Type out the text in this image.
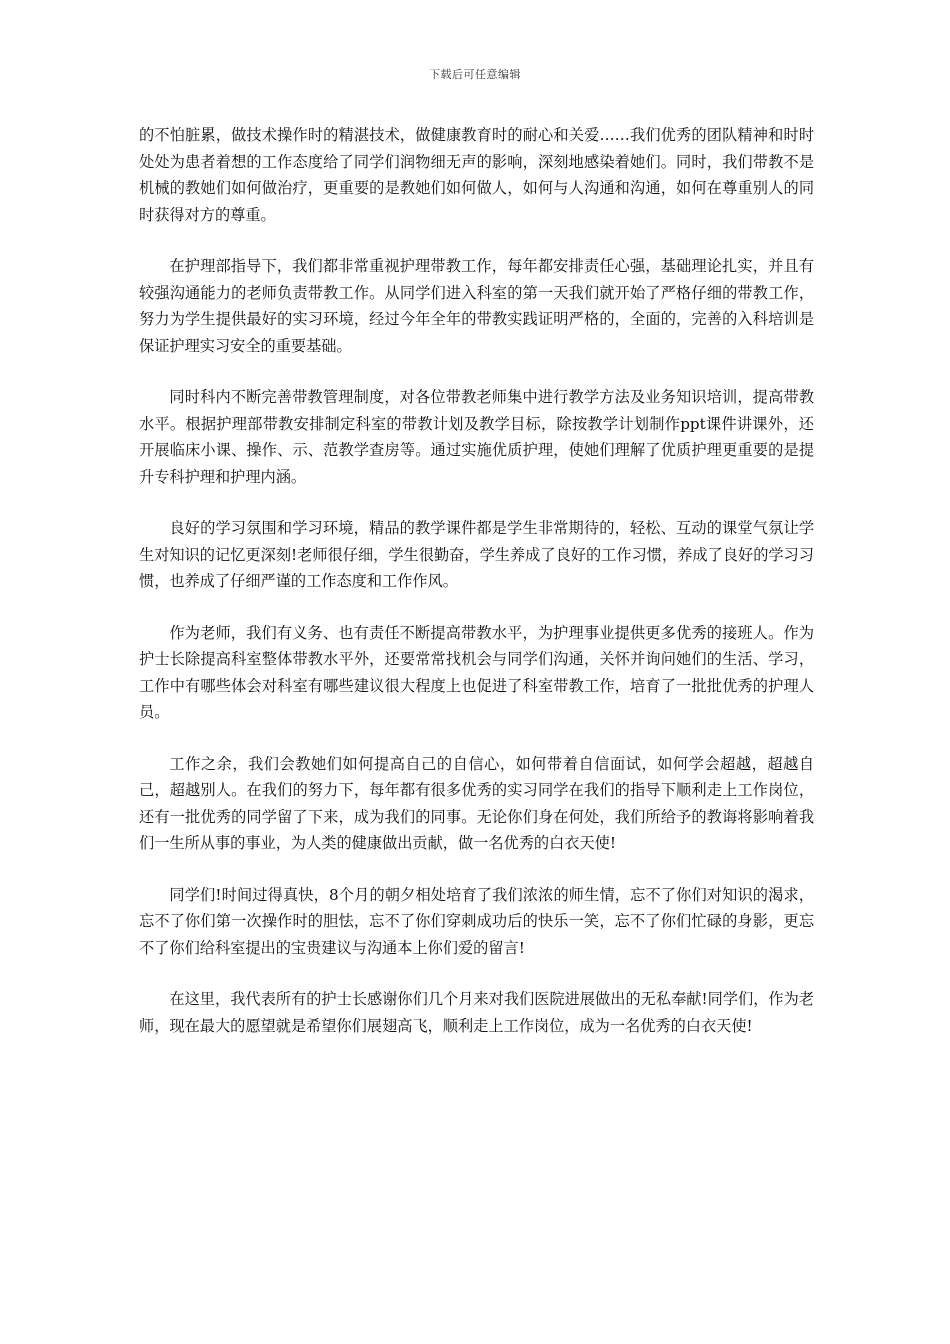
下载后可任意编辑

的不怕脏累，做技术操作时的精湛技术，做健康教育时的耐心和关爱……我们优秀的团队精神和时时处处为患者着想的工作态度给了同学们润物细无声的影响，深刻地感染着她们。同时，我们带教不是机械的教她们如何做治疗，更重要的是教她们如何做人，如何与人沟通和沟通，如何在尊重别人的同时获得对方的尊重。

在护理部指导下，我们都非常重视护理带教工作，每年都安排责任心强，基础理论扎实，并且有较强沟通能力的老师负责带教工作。从同学们进入科室的第一天我们就开始了严格仔细的带教工作，努力为学生提供最好的实习环境，经过今年全年的带教实践证明严格的，全面的，完善的入科培训是保证护理实习安全的重要基础。

同时科内不断完善带教管理制度，对各位带教老师集中进行教学方法及业务知识培训，提高带教水平。根据护理部带教安排制定科室的带教计划及教学目标，除按教学计划制作ppt课件讲课外，还开展临床小课、操作、示、范教学查房等。通过实施优质护理，使她们理解了优质护理更重要的是提升专科护理和护理内涵。

良好的学习氛围和学习环境，精品的教学课件都是学生非常期待的，轻松、互动的课堂气氛让学生对知识的记忆更深刻!老师很仔细，学生很勤奋，学生养成了良好的工作习惯，养成了良好的学习习惯，也养成了仔细严谨的工作态度和工作作风。

作为老师，我们有义务、也有责任不断提高带教水平，为护理事业提供更多优秀的接班人。作为护士长除提高科室整体带教水平外，还要常常找机会与同学们沟通，关怀并询问她们的生活、学习，工作中有哪些体会对科室有哪些建议很大程度上也促进了科室带教工作，培育了一批批优秀的护理人员。

工作之余，我们会教她们如何提高自己的自信心，如何带着自信面试，如何学会超越，超越自己，超越别人。在我们的努力下，每年都有很多优秀的实习同学在我们的指导下顺利走上工作岗位，还有一批优秀的同学留了下来，成为我们的同事。无论你们身在何处，我们所给予的教诲将影响着我们一生所从事的事业，为人类的健康做出贡献，做一名优秀的白衣天使!

同学们!时间过得真快，8个月的朝夕相处培育了我们浓浓的师生情，忘不了你们对知识的渴求，忘不了你们第一次操作时的胆怯，忘不了你们穿刺成功后的快乐一笑，忘不了你们忙碌的身影，更忘不了你们给科室提出的宝贵建议与沟通本上你们爱的留言!

在这里，我代表所有的护士长感谢你们几个月来对我们医院进展做出的无私奉献!同学们，作为老师，现在最大的愿望就是希望你们展翅高飞，顺利走上工作岗位，成为一名优秀的白衣天使!
